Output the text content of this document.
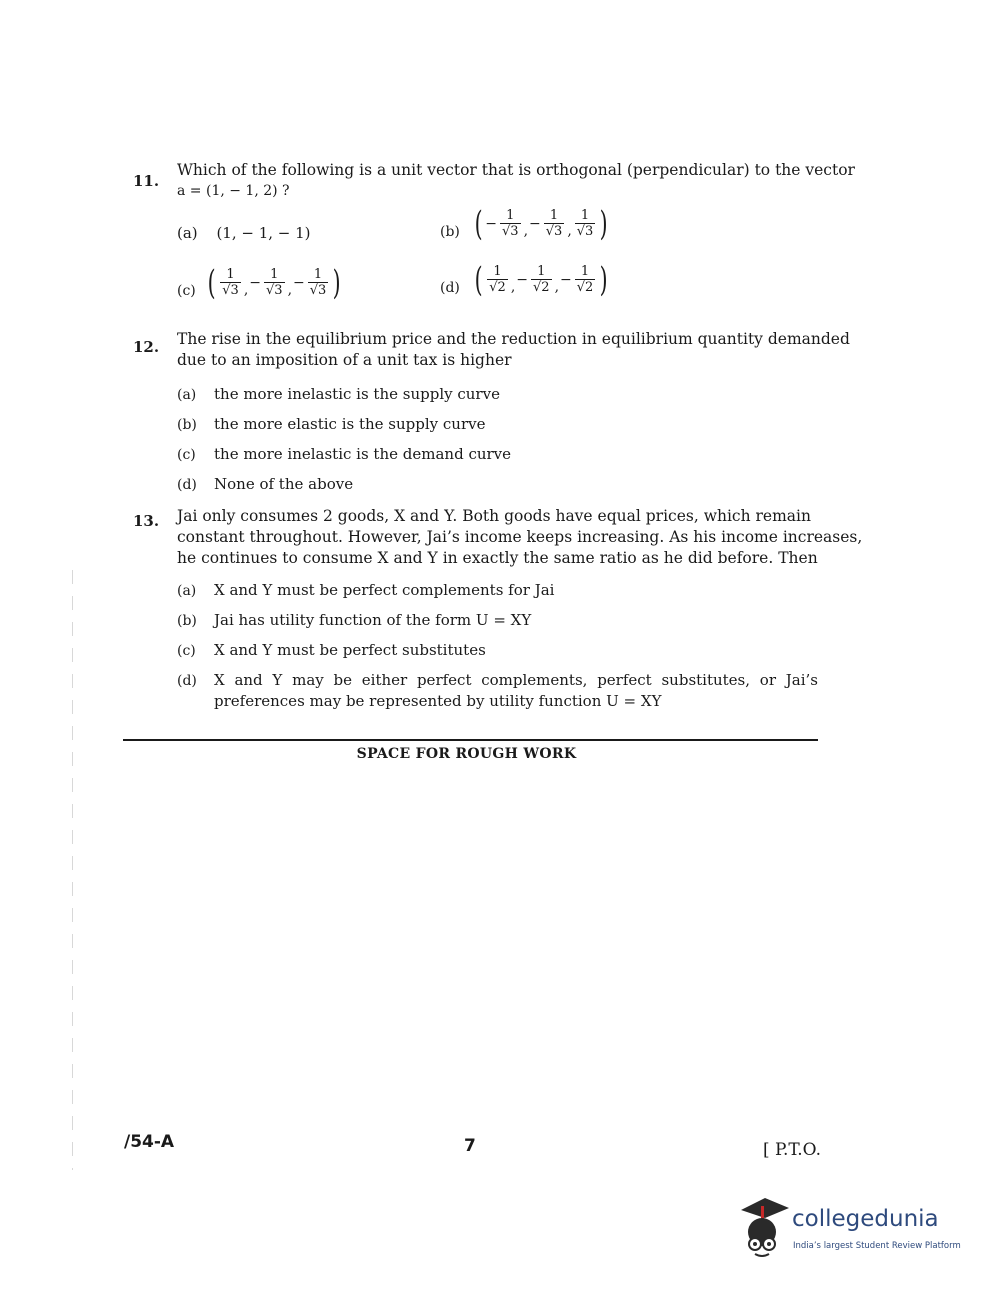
11.
Which of the following is a unit vector that is orthogonal (perpendicular) to the vector
a = (1, − 1, 2) ?
(a) (1, − 1, − 1)	(b) ( − $\frac{1}{√3}$ , − $\frac{1}{√3}$ , $\frac{1}{√3}$ )
(c) ( $\frac{1}{√3}$ , − $\frac{1}{√3}$ , − $\frac{1}{√3}$ )	(d) ( $\frac{1}{√2}$ , − $\frac{1}{√2}$ , − $\frac{1}{√2}$ )
12. The rise in the equilibrium price and the reduction in equilibrium quantity demanded
due to an imposition of a unit tax is higher
(a) the more inelastic is the supply curve
(b) the more elastic is the supply curve
(c) the more inelastic is the demand curve
(d) None of the above
13. Jai only consumes 2 goods, X and Y. Both goods have equal prices, which remain
constant throughout. However, Jai’s income keeps increasing. As his income increases,
he continues to consume X and Y in exactly the same ratio as he did before. Then
(a) X and Y must be perfect complements for Jai
(b) Jai has utility function of the form U = XY
(c) X and Y must be perfect substitutes
(d) X and Y may be either perfect complements, perfect substitutes, or Jai’s
preferences may be represented by utility function U = XY
SPACE FOR ROUGH WORK
/54-A	7	[ P.T.O.
collegedunia
India’s largest Student Review Platform
